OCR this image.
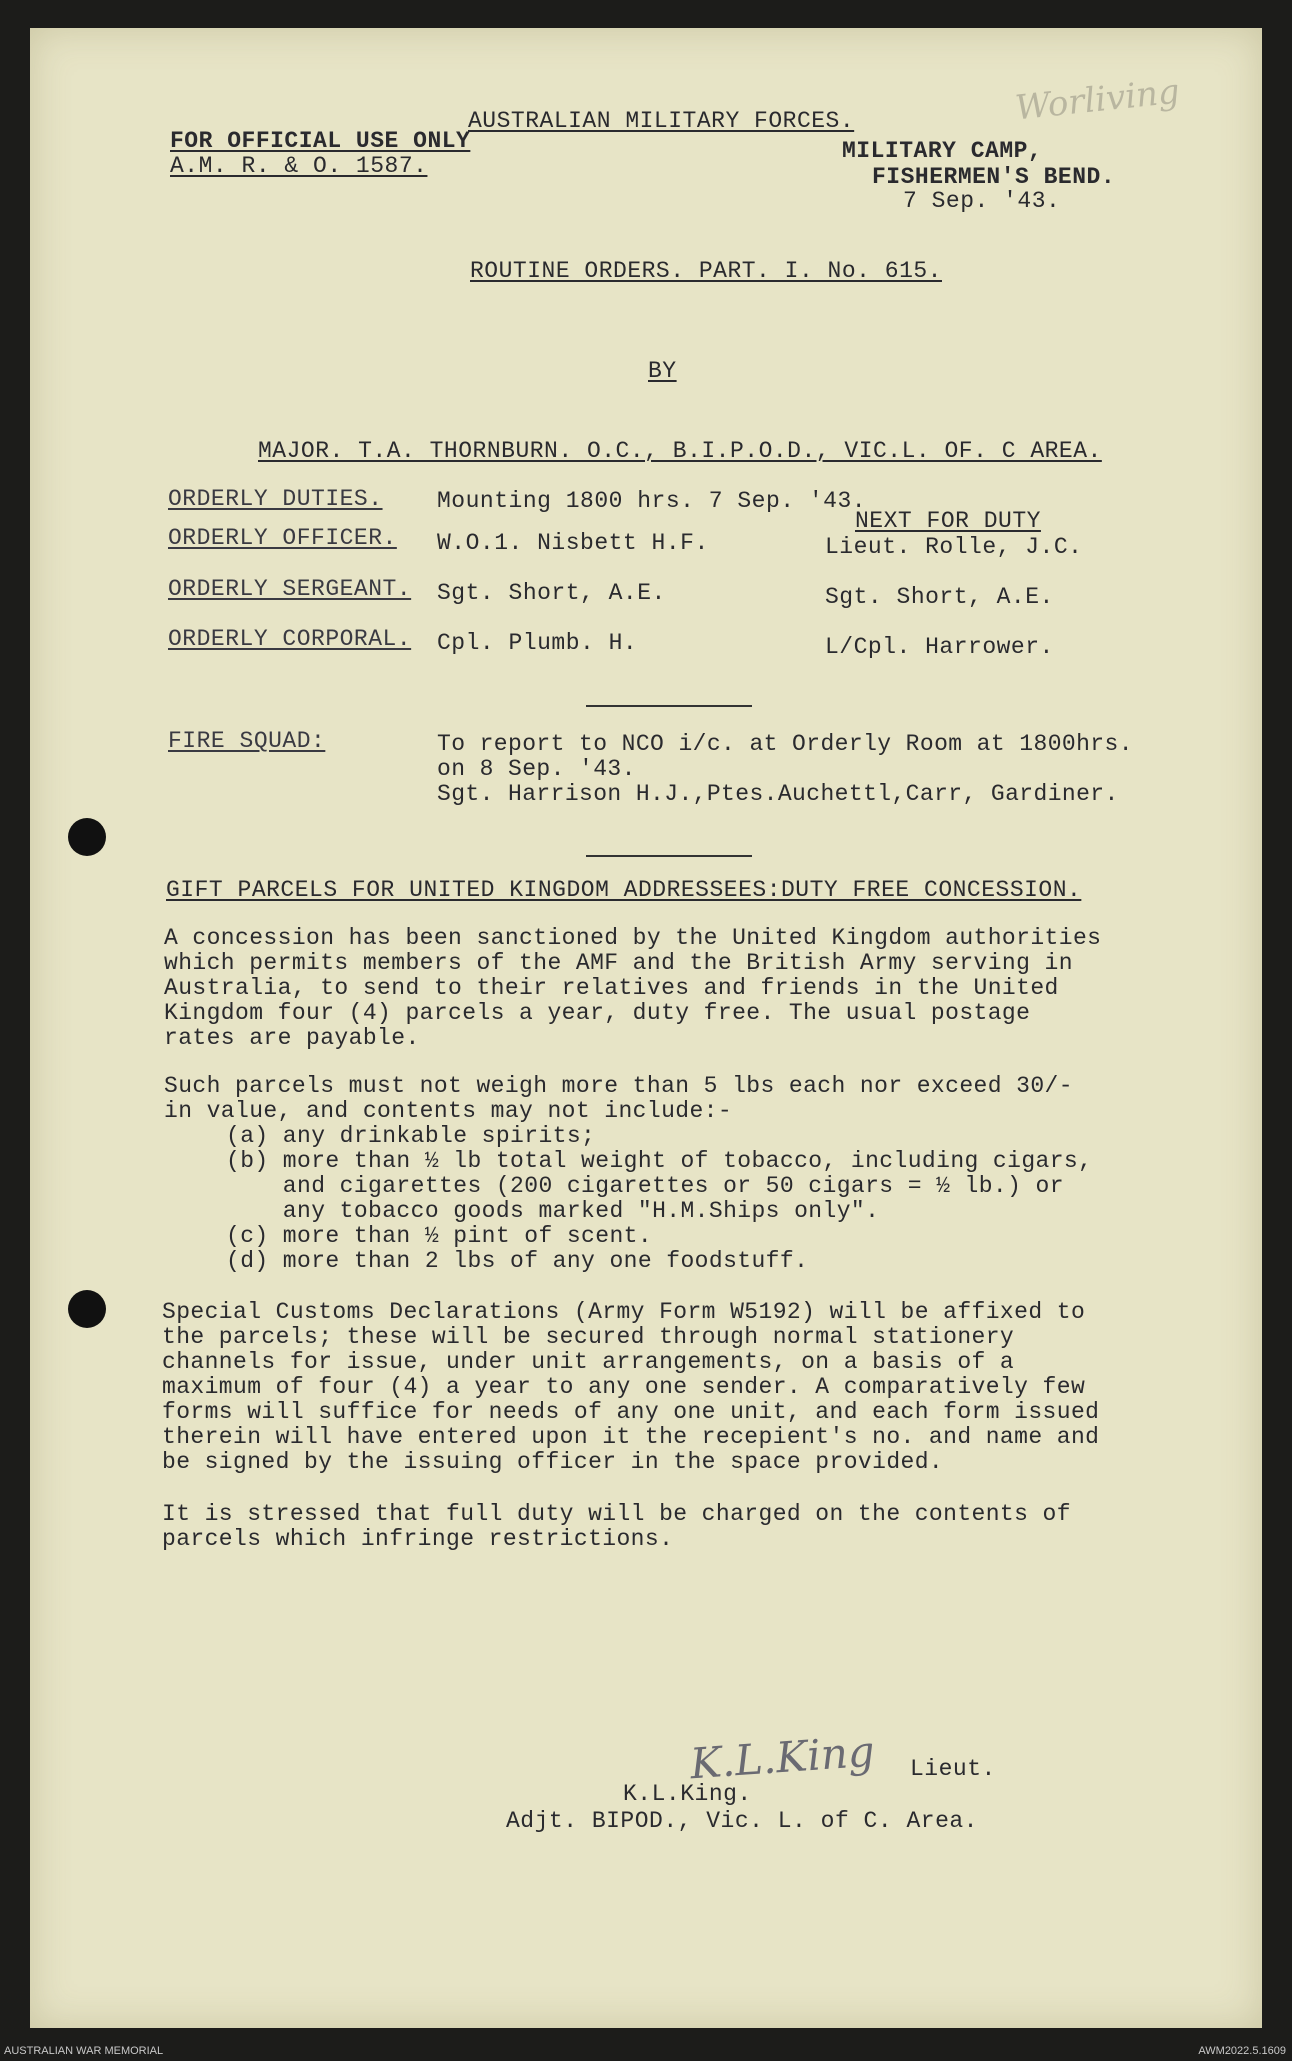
Worliving
AUSTRALIAN MILITARY FORCES.
FOR OFFICIAL USE ONLY
A.M. R. & O. 1587.
MILITARY CAMP,
FISHERMEN'S BEND.
7 Sep. '43.
ROUTINE ORDERS. PART. I. No. 615.
BY
MAJOR. T.A. THORNBURN. O.C., B.I.P.O.D., VIC.L. OF. C AREA.
ORDERLY DUTIES. Mounting 1800 hrs. 7 Sep. '43.
NEXT FOR DUTY
ORDERLY OFFICER. W.O.1. Nisbett H.F.	Lieut. Rolle, J.C.
ORDERLY SERGEANT. Sgt. Short, A.E.	Sgt. Short, A.E.
ORDERLY CORPORAL. Cpl. Plumb. H.	L/Cpl. Harrower.
FIRE SQUAD:	To report to NCO i/c. at Orderly Room at 1800hrs.
on 8 Sep. '43.
Sgt. Harrison H.J.,Ptes.Auchettl,Carr, Gardiner.
GIFT PARCELS FOR UNITED KINGDOM ADDRESSEES:DUTY FREE CONCESSION.
A concession has been sanctioned by the United Kingdom authorities
which permits members of the AMF and the British Army serving in
Australia, to send to their relatives and friends in the United
Kingdom four (4) parcels a year, duty free. The usual postage
rates are payable.
Such parcels must not weigh more than 5 lbs each nor exceed 30/-
in value, and contents may not include:-
(a) any drinkable spirits;
(b) more than ½ lb total weight of tobacco, including cigars,
and cigarettes (200 cigarettes or 50 cigars = ½ lb.) or
any tobacco goods marked "H.M.Ships only".
(c) more than ½ pint of scent.
(d) more than 2 lbs of any one foodstuff.
Special Customs Declarations (Army Form W5192) will be affixed to
the parcels; these will be secured through normal stationery
channels for issue, under unit arrangements, on a basis of a
maximum of four (4) a year to any one sender. A comparatively few
forms will suffice for needs of any one unit, and each form issued
therein will have entered upon it the recepient's no. and name and
be signed by the issuing officer in the space provided.
It is stressed that full duty will be charged on the contents of
parcels which infringe restrictions.
K.L.King Lieut.
K.L.King.
Adjt. BIPOD., Vic. L. of C. Area.
AUSTRALIAN WAR MEMORIAL	AWM2022.5.1609
